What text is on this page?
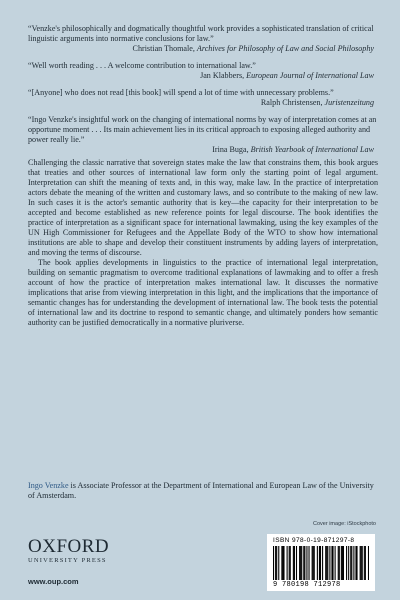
“Venzke's philosophically and dogmatically thoughtful work provides a sophisticated translation of critical linguistic arguments into normative conclusions for law.”

Christian Thomale, Archives for Philosophy of Law and Social Philosophy

“Well worth reading . . . A welcome contribution to international law.”

Jan Klabbers, European Journal of International Law

“[Anyone] who does not read [this book] will spend a lot of time with unnecessary problems.”

Ralph Christensen, Juristenzeitung

“Ingo Venzke's insightful work on the changing of international norms by way of interpretation comes at an opportune moment . . . Its main achievement lies in its critical approach to exposing alleged authority and power really lie.”

Irina Buga, British Yearbook of International Law

Challenging the classic narrative that sovereign states make the law that constrains them, this book argues that treaties and other sources of international law form only the starting point of legal argument. Interpretation can shift the meaning of texts and, in this way, make law. In the practice of interpretation actors debate the meaning of the written and customary laws, and so contribute to the making of new law. In such cases it is the actor's semantic authority that is key—the capacity for their interpretation to be accepted and become established as new reference points for legal discourse. The book identifies the practice of interpretation as a significant space for international lawmaking, using the key examples of the UN High Commissioner for Refugees and the Appellate Body of the WTO to show how international institutions are able to shape and develop their constituent instruments by adding layers of interpretation, and moving the terms of discourse.

The book applies developments in linguistics to the practice of international legal interpretation, building on semantic pragmatism to overcome traditional explanations of lawmaking and to offer a fresh account of how the practice of interpretation makes international law. It discusses the normative implications that arise from viewing interpretation in this light, and the implications that the importance of semantic changes has for understanding the development of international law. The book tests the potential of international law and its doctrine to respond to semantic change, and ultimately ponders how semantic authority can be justified democratically in a normative pluriverse.

Ingo Venzke is Associate Professor at the Department of International and European Law of the University of Amsterdam.

Cover image: iStockphoto
OXFORD
UNIVERSITY PRESS
www.oup.com
ISBN 978-0-19-871297-8
9 780198 712978
